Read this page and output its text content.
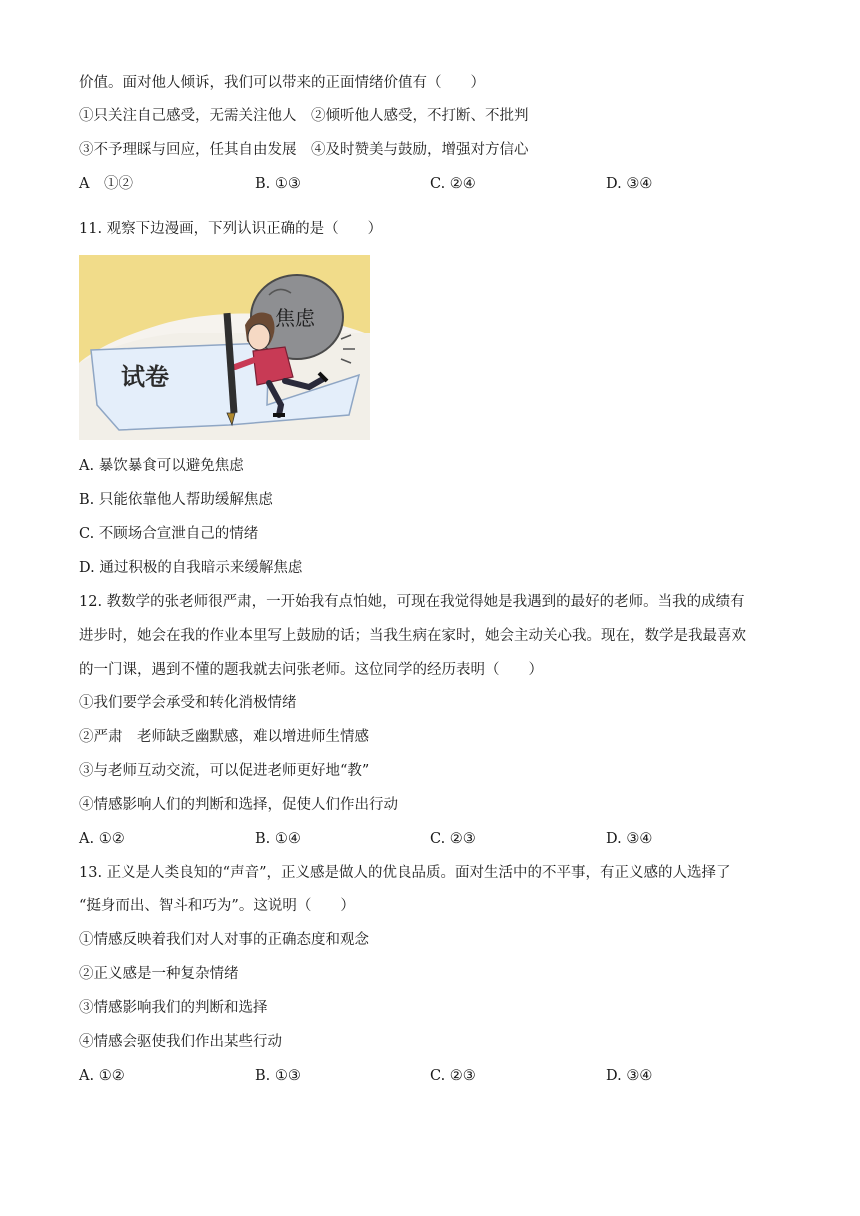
价值。面对他人倾诉，我们可以带来的正面情绪价值有（　　）
①只关注自己感受，无需关注他人　②倾听他人感受，不打断、不批判
③不予理睬与回应，任其自由发展　④及时赞美与鼓励，增强对方信心
A　①②	B. ①③	C. ②④	D. ③④
11. 观察下边漫画，下列认识正确的是（　　）
试卷
焦虑
A. 暴饮暴食可以避免焦虑
B. 只能依靠他人帮助缓解焦虑
C. 不顾场合宣泄自己的情绪
D. 通过积极的自我暗示来缓解焦虑
12. 教数学的张老师很严肃，一开始我有点怕她，可现在我觉得她是我遇到的最好的老师。当我的成绩有
进步时，她会在我的作业本里写上鼓励的话；当我生病在家时，她会主动关心我。现在，数学是我最喜欢
的一门课，遇到不懂的题我就去问张老师。这位同学的经历表明（　　）
①我们要学会承受和转化消极情绪
②严肃　老师缺乏幽默感，难以增进师生情感
③与老师互动交流，可以促进老师更好地“教”
④情感影响人们的判断和选择，促使人们作出行动
A. ①②	B. ①④	C. ②③	D. ③④
13. 正义是人类良知的“声音”，正义感是做人的优良品质。面对生活中的不平事，有正义感的人选择了
“挺身而出、智斗和巧为”。这说明（　　）
①情感反映着我们对人对事的正确态度和观念
②正义感是一种复杂情绪
③情感影响我们的判断和选择
④情感会驱使我们作出某些行动
A. ①②	B. ①③	C. ②③	D. ③④
